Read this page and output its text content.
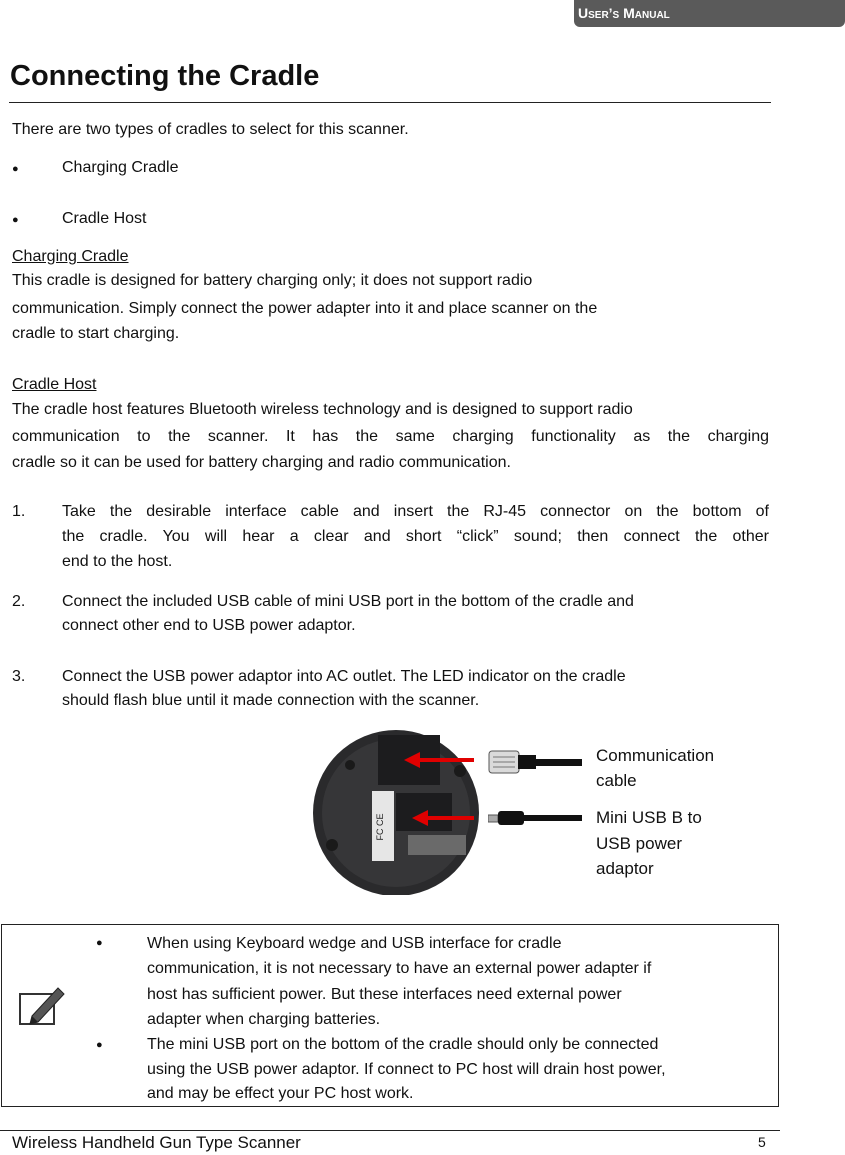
User’s Manual
Connecting the Cradle
There are two types of cradles to select for this scanner.
●	Charging Cradle
●	Cradle Host
Charging Cradle
This cradle is designed for battery charging only; it does not support radio
communication. Simply connect the power adapter into it and place scanner on the
cradle to start charging.
Cradle Host
The cradle host features Bluetooth wireless technology and is designed to support radio
communication to the scanner. It has the same charging functionality as the charging
cradle so it can be used for battery charging and radio communication.
1. Take the desirable interface cable and insert the RJ-45 connector on the bottom of
the cradle. You will hear a clear and short “click” sound; then connect the other
end to the host.
2. Connect the included USB cable of mini USB port in the bottom of the cradle and
connect other end to USB power adaptor.
3. Connect the USB power adaptor into AC outlet. The LED indicator on the cradle
should flash blue until it made connection with the scanner.
FC CE
Communication
cable
Mini USB B to
USB power
adaptor
●	When using Keyboard wedge and USB interface for cradle
communication, it is not necessary to have an external power adapter if
host has sufficient power. But these interfaces need external power
adapter when charging batteries.
●	The mini USB port on the bottom of the cradle should only be connected
using the USB power adaptor. If connect to PC host will drain host power,
and may be effect your PC host work.
Wireless Handheld Gun Type Scanner	5
